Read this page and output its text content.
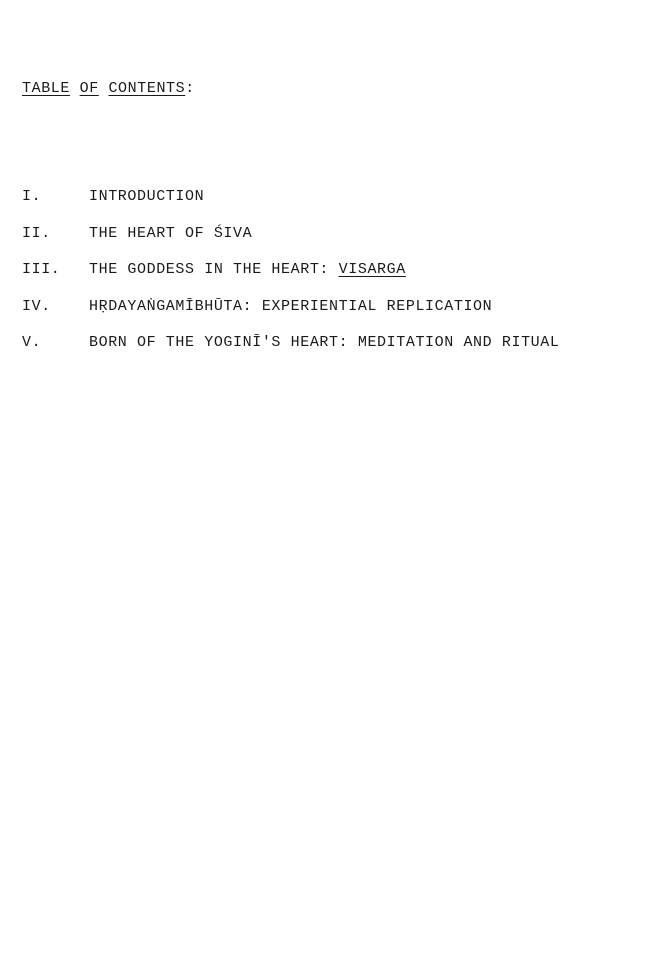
TABLE OF CONTENTS:
I.	INTRODUCTION
II.	THE HEART OF ŚIVA
III.	THE GODDESS IN THE HEART: VISARGA
IV.	HṚDAYAṄGAMĪBHŪTA: EXPERIENTIAL REPLICATION
V.	BORN OF THE YOGINĪ'S HEART: MEDITATION AND RITUAL
